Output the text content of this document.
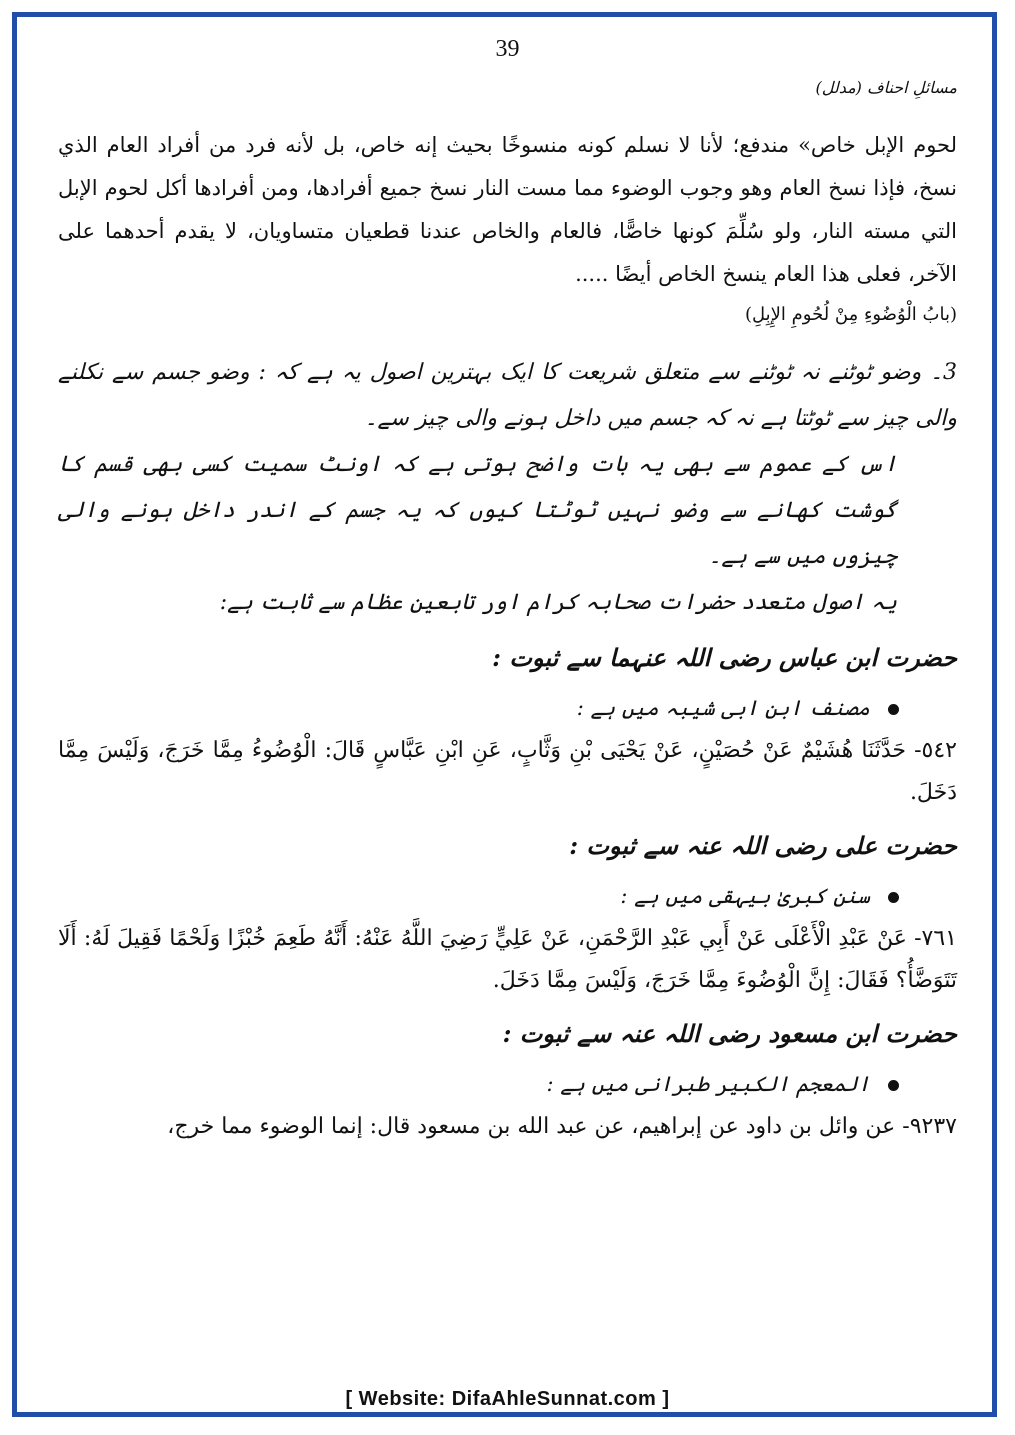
39
مسائلِ احناف (مدلل)

لحوم الإبل خاص» مندفع؛ لأنا لا نسلم كونه منسوخًا بحيث إنه خاص، بل لأنه فرد من أفراد العام الذي نسخ، فإذا نسخ العام وهو وجوب الوضوء مما مست النار نسخ جميع أفرادها، ومن أفرادها أكل لحوم الإبل التي مسته النار، ولو سُلِّمَ كونها خاصًّا، فالعام والخاص عندنا قطعيان متساويان، لا يقدم أحدهما على الآخر، فعلى هذا العام ينسخ الخاص أيضًا .....

(بابُ الْوُضُوءِ مِنْ لُحُومِ الإِبِلِ)

3۔ وضو ٹوٹنے نہ ٹوٹنے سے متعلق شریعت کا ایک بہترین اصول یہ ہے کہ : وضو جسم سے نکلنے والی چیز سے ٹوٹتا ہے نہ کہ جسم میں داخل ہونے والی چیز سے۔

اس کے عموم سے بھی یہ بات واضح ہوتی ہے کہ اونٹ سمیت کسی بھی قسم کا گوشت کھانے سے وضو نہیں ٹوٹتا کیوں کہ یہ جسم کے اندر داخل ہونے والی چیزوں میں سے ہے۔

یہ اصول متعدد حضرات صحابہ کرام اور تابعین عظام سے ثابت ہے:

حضرت ابن عباس رضی اللہ عنہما سے ثبوت :

مصنف ابن ابی شیبہ میں ہے :

٥٤٢- حَدَّثَنَا هُشَيْمٌ عَنْ حُصَيْنٍ، عَنْ يَحْيَى بْنِ وَثَّابٍ، عَنِ ابْنِ عَبَّاسٍ قَالَ: الْوُضُوءُ مِمَّا خَرَجَ، وَلَيْسَ مِمَّا دَخَلَ.

حضرت علی رضی اللہ عنہ سے ثبوت :

سنن کبریٰ بیہقی میں ہے :

٧٦١- عَنْ عَبْدِ الْأَعْلَى عَنْ أَبِي عَبْدِ الرَّحْمَنِ، عَنْ عَلِيٍّ رَضِيَ اللَّهُ عَنْهُ: أَنَّهُ طَعِمَ خُبْزًا وَلَحْمًا فَقِيلَ لَهُ: أَلَا تَتَوَضَّأُ؟ فَقَالَ: إِنَّ الْوُضُوءَ مِمَّا خَرَجَ، وَلَيْسَ مِمَّا دَخَلَ.

حضرت ابن مسعود رضی اللہ عنہ سے ثبوت :

المعجم الکبیر طبرانی میں ہے :

٩٢٣٧- عن وائل بن داود عن إبراهيم، عن عبد الله بن مسعود قال: إنما الوضوء مما خرج،

[ Website: DifaAhleSunnat.com ]
